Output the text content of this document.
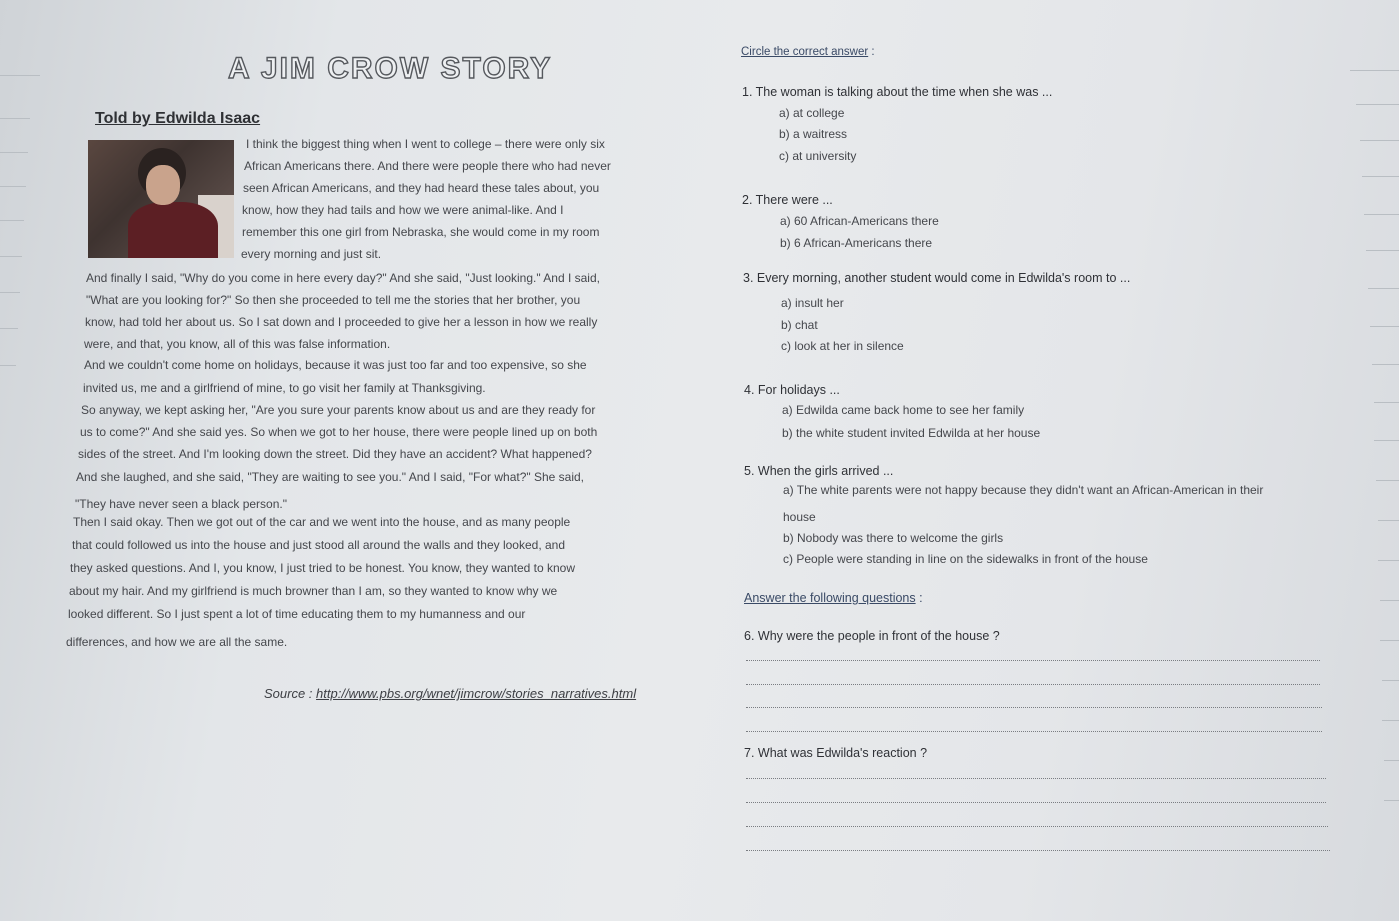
A JIM CROW STORY
Told by Edwilda Isaac
I think the biggest thing when I went to college – there were only six
African Americans there. And there were people there who had never
seen African Americans, and they had heard these tales about, you
know, how they had tails and how we were animal-like. And I
remember this one girl from Nebraska, she would come in my room
every morning and just sit.
And finally I said, "Why do you come in here every day?" And she said, "Just looking." And I said,
"What are you looking for?" So then she proceeded to tell me the stories that her brother, you
know, had told her about us. So I sat down and I proceeded to give her a lesson in how we really
were, and that, you know, all of this was false information.
And we couldn't come home on holidays, because it was just too far and too expensive, so she
invited us, me and a girlfriend of mine, to go visit her family at Thanksgiving.
So anyway, we kept asking her, "Are you sure your parents know about us and are they ready for
us to come?" And she said yes. So when we got to her house, there were people lined up on both
sides of the street. And I'm looking down the street. Did they have an accident? What happened?
And she laughed, and she said, "They are waiting to see you." And I said, "For what?" She said,
"They have never seen a black person."
Then I said okay. Then we got out of the car and we went into the house, and as many people
that could followed us into the house and just stood all around the walls and they looked, and
they asked questions. And I, you know, I just tried to be honest. You know, they wanted to know
about my hair. And my girlfriend is much browner than I am, so they wanted to know why we
looked different. So I just spent a lot of time educating them to my humanness and our
differences, and how we are all the same.
Source : http://www.pbs.org/wnet/jimcrow/stories_narratives.html
Circle the correct answer :
1. The woman is talking about the time when she was ...
a) at college
b) a waitress
c) at university
2. There were ...
a) 60 African-Americans there
b) 6 African-Americans there
3. Every morning, another student would come in Edwilda's room to ...
a) insult her
b) chat
c) look at her in silence
4. For holidays ...
a) Edwilda came back home to see her family
b) the white student invited Edwilda at her house
5. When the girls arrived ...
a) The white parents were not happy because they didn't want an African-American in their
house
b) Nobody was there to welcome the girls
c) People were standing in line on the sidewalks in front of the house
Answer the following questions :
6. Why were the people in front of the house ?
7. What was Edwilda's reaction ?
